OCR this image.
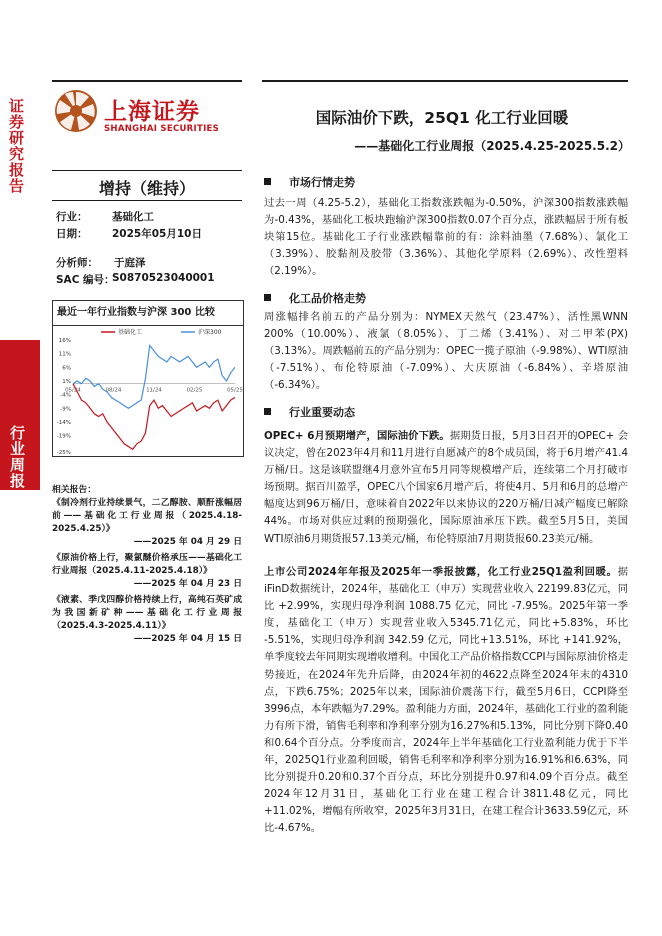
证券研究报告
行业周报
上海证券
SHANGHAI SECURITIES
国际油价下跌，25Q1 化工行业回暖
——基础化工行业周报（2025.4.25-2025.5.2）
增持（维持）
行业： 基础化工
日期： 2025年05月10日
分析师： 于庭泽
SAC 编号：
S0870523040001
最近一年行业指数与沪深 300 比较
16%
11%
6%
1%
-4%
-9%
-14%
-19%
-25%
05/24	08/24	11/24	02/25	05/25
基础化工	沪深300
相关报告：
《制冷剂行业持续景气，二乙醇胺、顺酐涨幅居前——基础化工行业周报（2025.4.18-2025.4.25）》
——2025 年 04 月 29 日
《原油价格上行，聚氯醚价格承压——基础化工行业周报（2025.4.11-2025.4.18）》
——2025 年 04 月 23 日
《液素、季戊四醇价格持续上行，高纯石英矿成为我国新矿种——基础化工行业周报（2025.4.3-2025.4.11）》
——2025 年 04 月 15 日
市场行情走势
过去一周（4.25-5.2），基础化工指数涨跌幅为-0.50%，沪深300指数涨跌幅为-0.43%，基础化工板块跑输沪深300指数0.07个百分点，涨跌幅居于所有板块第15位。基础化工子行业涨跌幅靠前的有：涂料油墨（7.68%）、氯化工（3.39%）、胶黏剂及胶带（3.36%）、其他化学原料（2.69%）、改性塑料（2.19%）。
化工品价格走势
周涨幅排名前五的产品分别为：NYMEX天然气（23.47%）、活性黑WNN 200%（10.00%）、液氯（8.05%）、丁二烯（3.41%）、对二甲苯(PX)（3.13%）。周跌幅前五的产品分别为：OPEC一揽子原油（-9.98%）、WTI原油（-7.51%）、布伦特原油（-7.09%）、大庆原油（-6.84%）、辛塔原油（-6.34%）。
行业重要动态
OPEC+ 6月预期增产，国际油价下跌。据期货日报，5月3日召开的OPEC+ 会议决定，曾在2023年4月和11月进行自愿减产的8个成员国，将于6月增产41.4万桶/日。这是该联盟继4月意外宣布5月同等规模增产后，连续第二个月打破市场预期。据百川盈孚，OPEC八个国家6月增产后，将使4月、5月和6月的总增产幅度达到96万桶/日，意味着自2022年以来协议的220万桶/日减产幅度已解除44%。市场对供应过剩的预期强化，国际原油承压下跌。截至5月5日，美国WTI原油6月期货报57.13美元/桶，布伦特原油7月期货报60.23美元/桶。
上市公司2024年年报及2025年一季报披露，化工行业25Q1盈利回暖。据iFinD数据统计，2024年，基础化工（申万）实现营业收入 22199.83亿元，同比 +2.99%，实现归母净利润 1088.75 亿元，同比 -7.95%。2025年第一季度，基础化工（申万）实现营业收入5345.71亿元，同比+5.83%，环比 -5.51%，实现归母净利润 342.59 亿元，同比+13.51%，环比 +141.92%，单季度较去年同期实现增收增利。中国化工产品价格指数CCPI与国际原油价格走势接近，在2024年先升后降，由2024年初的4622点降至2024年末的4310点，下跌6.75%；2025年以来，国际油价震荡下行，截至5月6日，CCPI降至3996点，本年跌幅为7.29%。盈利能力方面，2024年，基础化工行业的盈利能力有所下滑，销售毛利率和净利率分别为16.27%和5.13%，同比分别下降0.40和0.64个百分点。分季度而言，2024年上半年基础化工行业盈利能力优于下半年，2025Q1行业盈利回暖，销售毛利率和净利率分别为16.91%和6.63%，同比分别提升0.20和0.37个百分点，环比分别提升0.97和4.09个百分点。截至2024年12月31日，基础化工行业在建工程合计3811.48亿元，同比+11.02%，增幅有所收窄，2025年3月31日，在建工程合计3633.59亿元，环比-4.67%。
